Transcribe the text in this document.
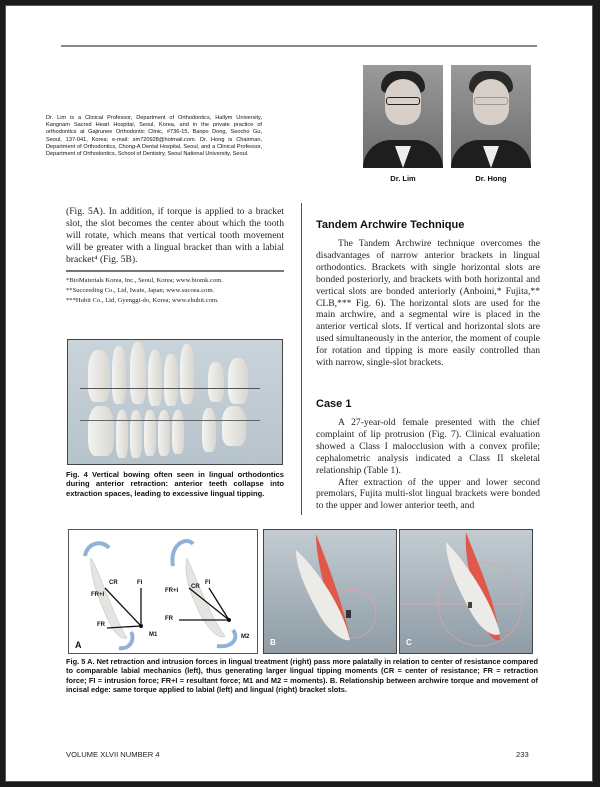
Dr. Lim is a Clinical Professor, Department of Orthodontics, Hallym University, Kangnam Sacred Heart Hospital, Seoul, Korea, and in the private practice of orthodontics at Gajirunee Orthodontic Clinic, #736-15, Banpo Dong, Seocho Gu, Seoul, 137-041, Korea; e-mail: sm720928@hotmail.com. Dr. Hong is Chairman, Department of Orthodontics, Chong-A Dental Hospital, Seoul, and a Clinical Professor, Department of Orthodontics, School of Dentistry, Seoul National University, Seoul.
Dr. Lim	Dr. Hong

(Fig. 5A). In addition, if torque is applied to a bracket slot, the slot becomes the center about which the tooth will rotate, which means that vertical tooth movement will be greater with a lingual bracket than with a labial bracket⁴ (Fig. 5B).

*BioMaterials Korea, Inc., Seoul, Korea; www.biomk.com.
**Succeeding Co., Ltd, Iwate, Japan; www.sucoea.com.
***Hubit Co., Ltd, Gyenggi-do, Korea; www.ehubit.com.
Fig. 4 Vertical bowing often seen in lingual orthodontics during anterior retraction: anterior teeth collapse into extraction spaces, leading to excessive lingual tipping.
Tandem Archwire Technique

The Tandem Archwire technique overcomes the disadvantages of narrow anterior brackets in lingual orthodontics. Brackets with single horizontal slots are bonded posteriorly, and brackets with both horizontal and vertical slots are bonded anteriorly (Anboini,* Fujita,** CLB,*** Fig. 6). The horizontal slots are used for the main archwire, and a segmental wire is placed in the anterior vertical slots. If vertical and horizontal slots are used simultaneously in the anterior, the moment of couple for rotation and tipping is more easily controlled than with narrow, single-slot brackets.

Case 1

A 27-year-old female presented with the chief complaint of lip protrusion (Fig. 7). Clinical evaluation showed a Class I malocclusion with a convex profile; cephalometric analysis indicated a Class II skeletal relationship (Table 1).

After extraction of the upper and lower second premolars, Fujita multi-slot lingual brackets were bonded to the upper and lower anterior teeth, and

CR
FR+I
FI
FR
M1
CR
FR+I
FI
FR
M2
A	B	C
Fig. 5 A. Net retraction and intrusion forces in lingual treatment (right) pass more palatally in relation to center of resistance compared to comparable labial mechanics (left), thus generating larger lingual tipping moments (CR = center of resistance; FR = retraction force; FI = intrusion force; FR+I = resultant force; M1 and M2 = moments). B. Relationship between archwire torque and movement of incisal edge: same torque applied to labial (left) and lingual (right) bracket slots.
VOLUME XLVII NUMBER 4	233
